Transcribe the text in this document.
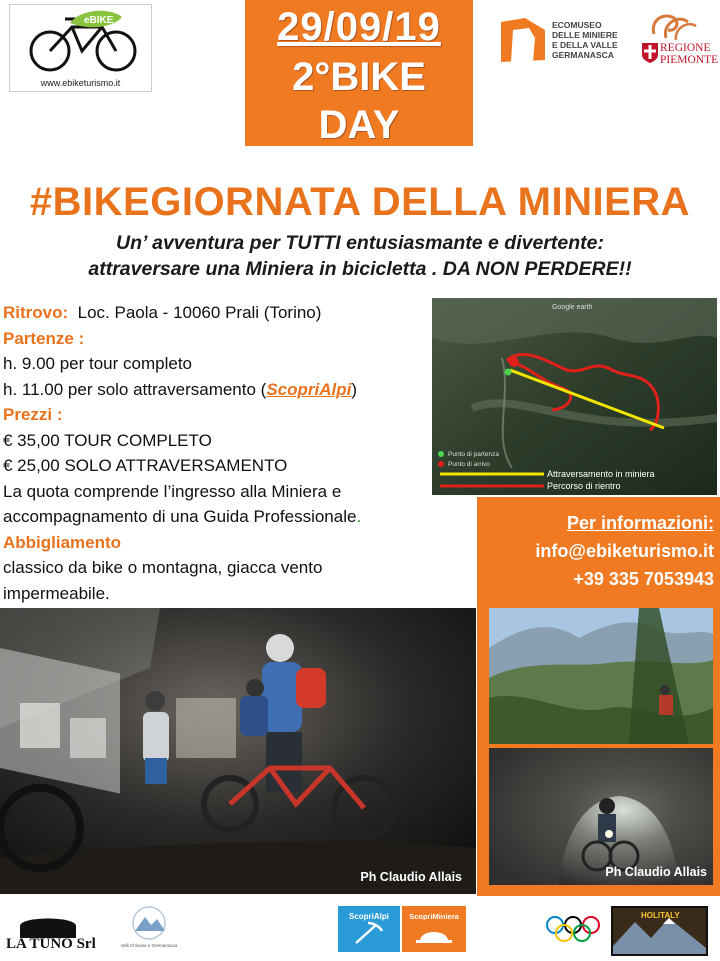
eBIKE
www.ebiketurismo.it
29/09/19
2°BIKE
DAY
ECOMUSEO
DELLE MINIERE
E DELLA VALLE
GERMANASCA
REGIONE
PIEMONTE
#BIKEGIORNATA DELLA MINIERA
Un’ avventura per TUTTI entusiasmante e divertente:
attraversare una Miniera in bicicletta . DA NON PERDERE!!
Ritrovo: Loc. Paola - 10060 Prali (Torino)
Partenze :
h. 9.00 per tour completo
h. 11.00 per solo attraversamento (ScopriAlpi)
Prezzi :
€ 35,00 TOUR COMPLETO
€ 25,00 SOLO ATTRAVERSAMENTO
La quota comprende l’ingresso alla Miniera e
accompagnamento di una Guida Professionale.
Abbigliamento
classico da bike o montagna, giacca vento
impermeabile.
Google earth
Punto di partenza
Punto di arrivo
Attraversamento in miniera
Percorso di rientro
Per informazioni:
info@ebiketurismo.it
+39 335 7053943
Ph Claudio Allais	Ph Claudio Allais
LA TUNO Srl	Valli Chisone e Germanasca
ScopriAlpi	ScopriMiniera	HOLITALY
